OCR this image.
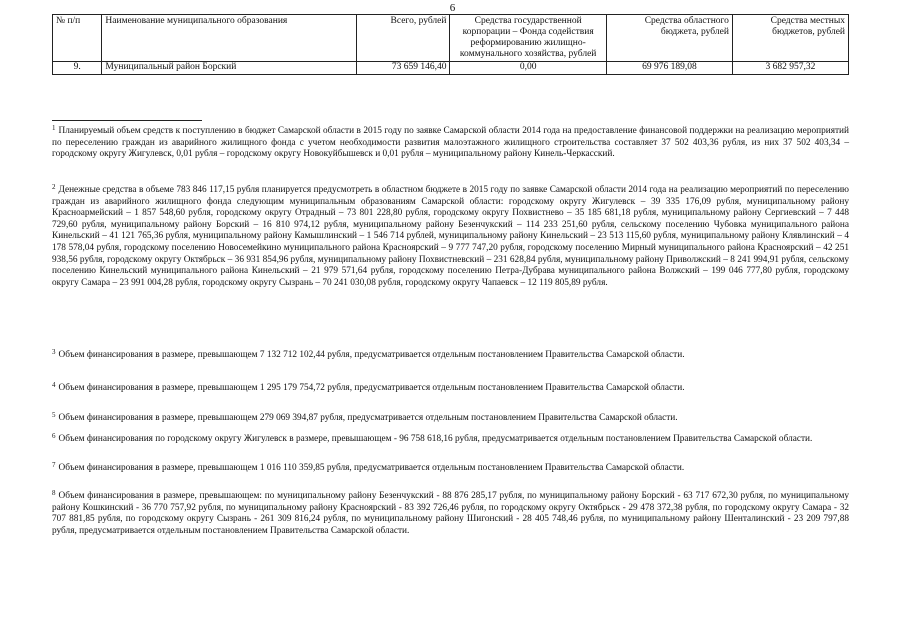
6
№ п/п	Наименование муниципального образования	Всего, рублей	Средства государственной корпорации – Фонда содействия реформированию жилищно-коммунального хозяйства, рублей	Средства областного бюджета, рублей	Средства местных бюджетов, рублей
9.	Муниципальный район Борский	73 659 146,40	0,00	69 976 189,08	3 682 957,32
$^1$ Планируемый объем средств к поступлению в бюджет Самарской области в 2015 году по заявке Самарской области 2014 года на предоставление финансовой поддержки на реализацию мероприятий по переселению граждан из аварийного жилищного фонда с учетом необходимости развития малоэтажного жилищного строительства составляет 37 502 403,36 рубля, из них 37 502 403,34 – городскому округу Жигулевск, 0,01 рубля – городскому округу Новокуйбышевск и 0,01 рубля – муниципальному району Кинель-Черкасский.
$^2$ Денежные средства в объеме 783 846 117,15 рубля планируется предусмотреть в областном бюджете в 2015 году по заявке Самарской области 2014 года на реализацию мероприятий по переселению граждан из аварийного жилищного фонда следующим муниципальным образованиям Самарской области: городскому округу Жигулевск – 39 335 176,09 рубля, муниципальному району Красноармейский – 1 857 548,60 рубля, городскому округу Отрадный – 73 801 228,80 рубля, городскому округу Похвистнево – 35 185 681,18 рубля, муниципальному району Сергиевский – 7 448 729,60 рубля, муниципальному району Борский – 16 810 974,12 рубля, муниципальному району Безенчукский – 114 233 251,60 рубля, сельскому поселению Чубовка муниципального района Кинельский – 41 121 765,36 рубля, муниципальному району Камышлинский – 1 546 714 рублей, муниципальному району Кинельский – 23 513 115,60 рубля, муниципальному району Клявлинский – 4 178 578,04 рубля, городскому поселению Новосемейкино муниципального района Красноярский – 9 777 747,20 рубля, городскому поселению Мирный муниципального района Красноярский – 42 251 938,56 рубля, городскому округу Октябрьск – 36 931 854,96 рубля, муниципальному району Похвистневский – 231 628,84 рубля, муниципальному району Приволжский – 8 241 994,91 рубля, сельскому поселению Кинельский муниципального района Кинельский – 21 979 571,64 рубля, городскому поселению Петра-Дубрава муниципального района Волжский – 199 046 777,80 рубля, городскому округу Самара – 23 991 004,28 рубля, городскому округу Сызрань – 70 241 030,08 рубля, городскому округу Чапаевск – 12 119 805,89 рубля.
$^3$ Объем финансирования в размере, превышающем 7 132 712 102,44 рубля, предусматривается отдельным постановлением Правительства Самарской области.
$^4$ Объем финансирования в размере, превышающем 1 295 179 754,72 рубля, предусматривается отдельным постановлением Правительства Самарской области.
$^5$ Объем финансирования в размере, превышающем 279 069 394,87 рубля, предусматривается отдельным постановлением Правительства Самарской области.
$^6$ Объем финансирования по городскому округу Жигулевск в размере, превышающем - 96 758 618,16 рубля, предусматривается отдельным постановлением Правительства Самарской области.
$^7$ Объем финансирования в размере, превышающем 1 016 110 359,85 рубля, предусматривается отдельным постановлением Правительства Самарской области.
$^8$ Объем финансирования в размере, превышающем: по муниципальному району Безенчукский - 88 876 285,17 рубля, по муниципальному району Борский - 63 717 672,30 рубля, по муниципальному району Кошкинский - 36 770 757,92 рубля, по муниципальному району Красноярский - 83 392 726,46 рубля, по городскому округу Октябрьск - 29 478 372,38 рубля, по городскому округу Самара - 32 707 881,85 рубля, по городскому округу Сызрань - 261 309 816,24 рубля, по муниципальному району Шигонский - 28 405 748,46 рубля, по муниципальному району Шенталинский - 23 209 797,88 рубля, предусматривается отдельным постановлением Правительства Самарской области.
